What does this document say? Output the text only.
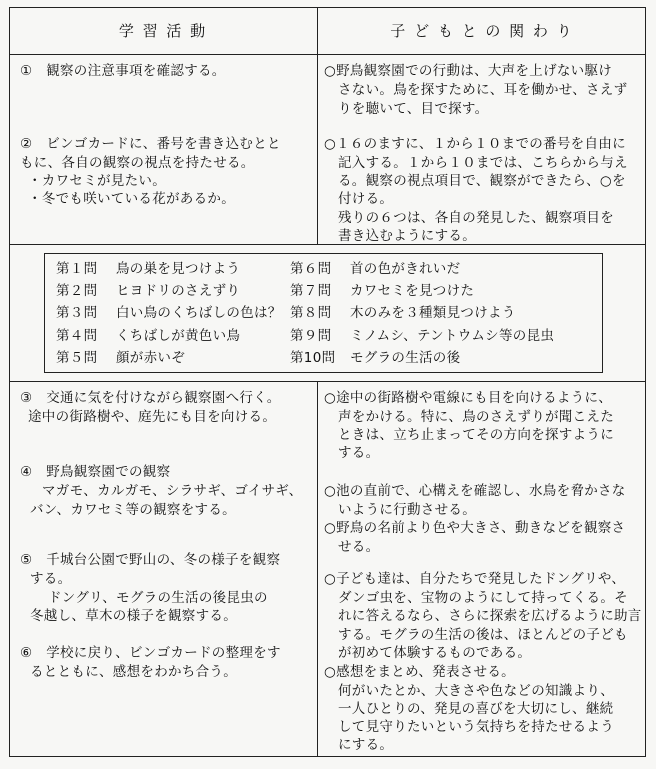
学 習 活 動	子 ど も と の 関 わ り
①　観察の注意事項を確認する。
②　ビンゴカードに、番号を書き込むとと
もに、各自の観察の視点を持たせる。
・カワセミが見たい。
・冬でも咲いている花があるか。
③　交通に気を付けながら観察園へ行く。
途中の街路樹や、庭先にも目を向ける。
④　野鳥観察園での観察
マガモ、カルガモ、シラサギ、ゴイサギ、
バン、カワセミ等の観察をする。
⑤　千城台公園で野山の、冬の様子を観察
する。
ドングリ、モグラの生活の後昆虫の
冬越し、草木の様子を観察する。
⑥　学校に戻り、ビンゴカードの整理をす
るとともに、感想をわかち合う。
○野鳥観察園での行動は、大声を上げない駆け
さない。鳥を探すために、耳を働かせ、さえず
りを聴いて、目で探す。
○１６のますに、１から１０までの番号を自由に
記入する。１から１０までは、こちらから与え
る。観察の視点項目で、観察ができたら、○を
付ける。
残りの６つは、各自の発見した、観察項目を
書き込むようにする。
○途中の街路樹や電線にも目を向けるように、
声をかける。特に、鳥のさえずりが聞こえた
ときは、立ち止まってその方向を探すように
する。
○池の直前で、心構えを確認し、水鳥を脅かさな
いように行動させる。
○野鳥の名前より色や大きさ、動きなどを観察さ
せる。
○子ども達は、自分たちで発見したドングリや、
ダンゴ虫を、宝物のようにして持ってくる。そ
れに答えるなら、さらに探索を広げるように助言
する。モグラの生活の後は、ほとんどの子ども
が初めて体験するものである。
○感想をまとめ、発表させる。
何がいたとか、大きさや色などの知識より、
一人ひとりの、発見の喜びを大切にし、継続
して見守りたいという気持ちを持たせるよう
にする。
第１問 鳥の巣を見つけよう
第２問 ヒヨドリのさえずり
第３問 白い鳥のくちばしの色は？
第４問 くちばしが黄色い鳥
第５問 顔が赤いぞ
第６問 首の色がきれいだ
第７問 カワセミを見つけた
第８問 木のみを３種類見つけよう
第９問 ミノムシ、テントウムシ等の昆虫
第10問 モグラの生活の後
